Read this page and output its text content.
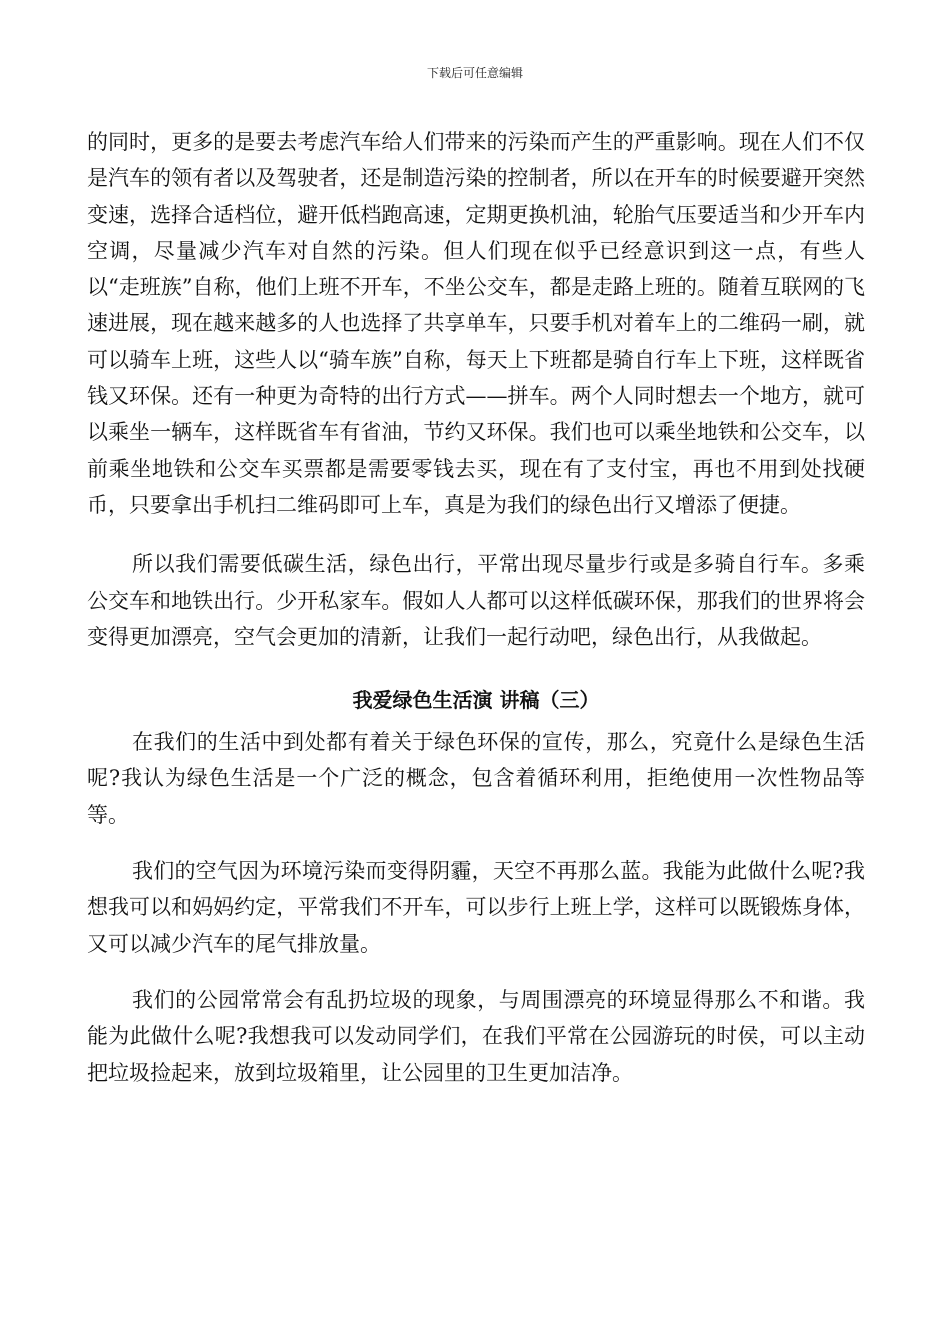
下载后可任意编辑

的同时，更多的是要去考虑汽车给人们带来的污染而产生的严重影响。现在人们不仅是汽车的领有者以及驾驶者，还是制造污染的控制者，所以在开车的时候要避开突然变速，选择合适档位，避开低档跑高速，定期更换机油，轮胎气压要适当和少开车内空调，尽量减少汽车对自然的污染。但人们现在似乎已经意识到这一点，有些人以“走班族”自称，他们上班不开车，不坐公交车，都是走路上班的。随着互联网的飞速进展，现在越来越多的人也选择了共享单车，只要手机对着车上的二维码一刷，就可以骑车上班，这些人以“骑车族”自称，每天上下班都是骑自行车上下班，这样既省钱又环保。还有一种更为奇特的出行方式——拼车。两个人同时想去一个地方，就可以乘坐一辆车，这样既省车有省油，节约又环保。我们也可以乘坐地铁和公交车，以前乘坐地铁和公交车买票都是需要零钱去买，现在有了支付宝，再也不用到处找硬币，只要拿出手机扫二维码即可上车，真是为我们的绿色出行又增添了便捷。

所以我们需要低碳生活，绿色出行，平常出现尽量步行或是多骑自行车。多乘公交车和地铁出行。少开私家车。假如人人都可以这样低碳环保，那我们的世界将会变得更加漂亮，空气会更加的清新，让我们一起行动吧，绿色出行，从我做起。

我爱绿色生活演 讲稿（三）

在我们的生活中到处都有着关于绿色环保的宣传，那么，究竟什么是绿色生活呢?我认为绿色生活是一个广泛的概念，包含着循环利用，拒绝使用一次性物品等等。

我们的空气因为环境污染而变得阴霾，天空不再那么蓝。我能为此做什么呢?我想我可以和妈妈约定，平常我们不开车，可以步行上班上学，这样可以既锻炼身体，又可以减少汽车的尾气排放量。

我们的公园常常会有乱扔垃圾的现象，与周围漂亮的环境显得那么不和谐。我能为此做什么呢?我想我可以发动同学们，在我们平常在公园游玩的时侯，可以主动把垃圾捡起来，放到垃圾箱里，让公园里的卫生更加洁净。
